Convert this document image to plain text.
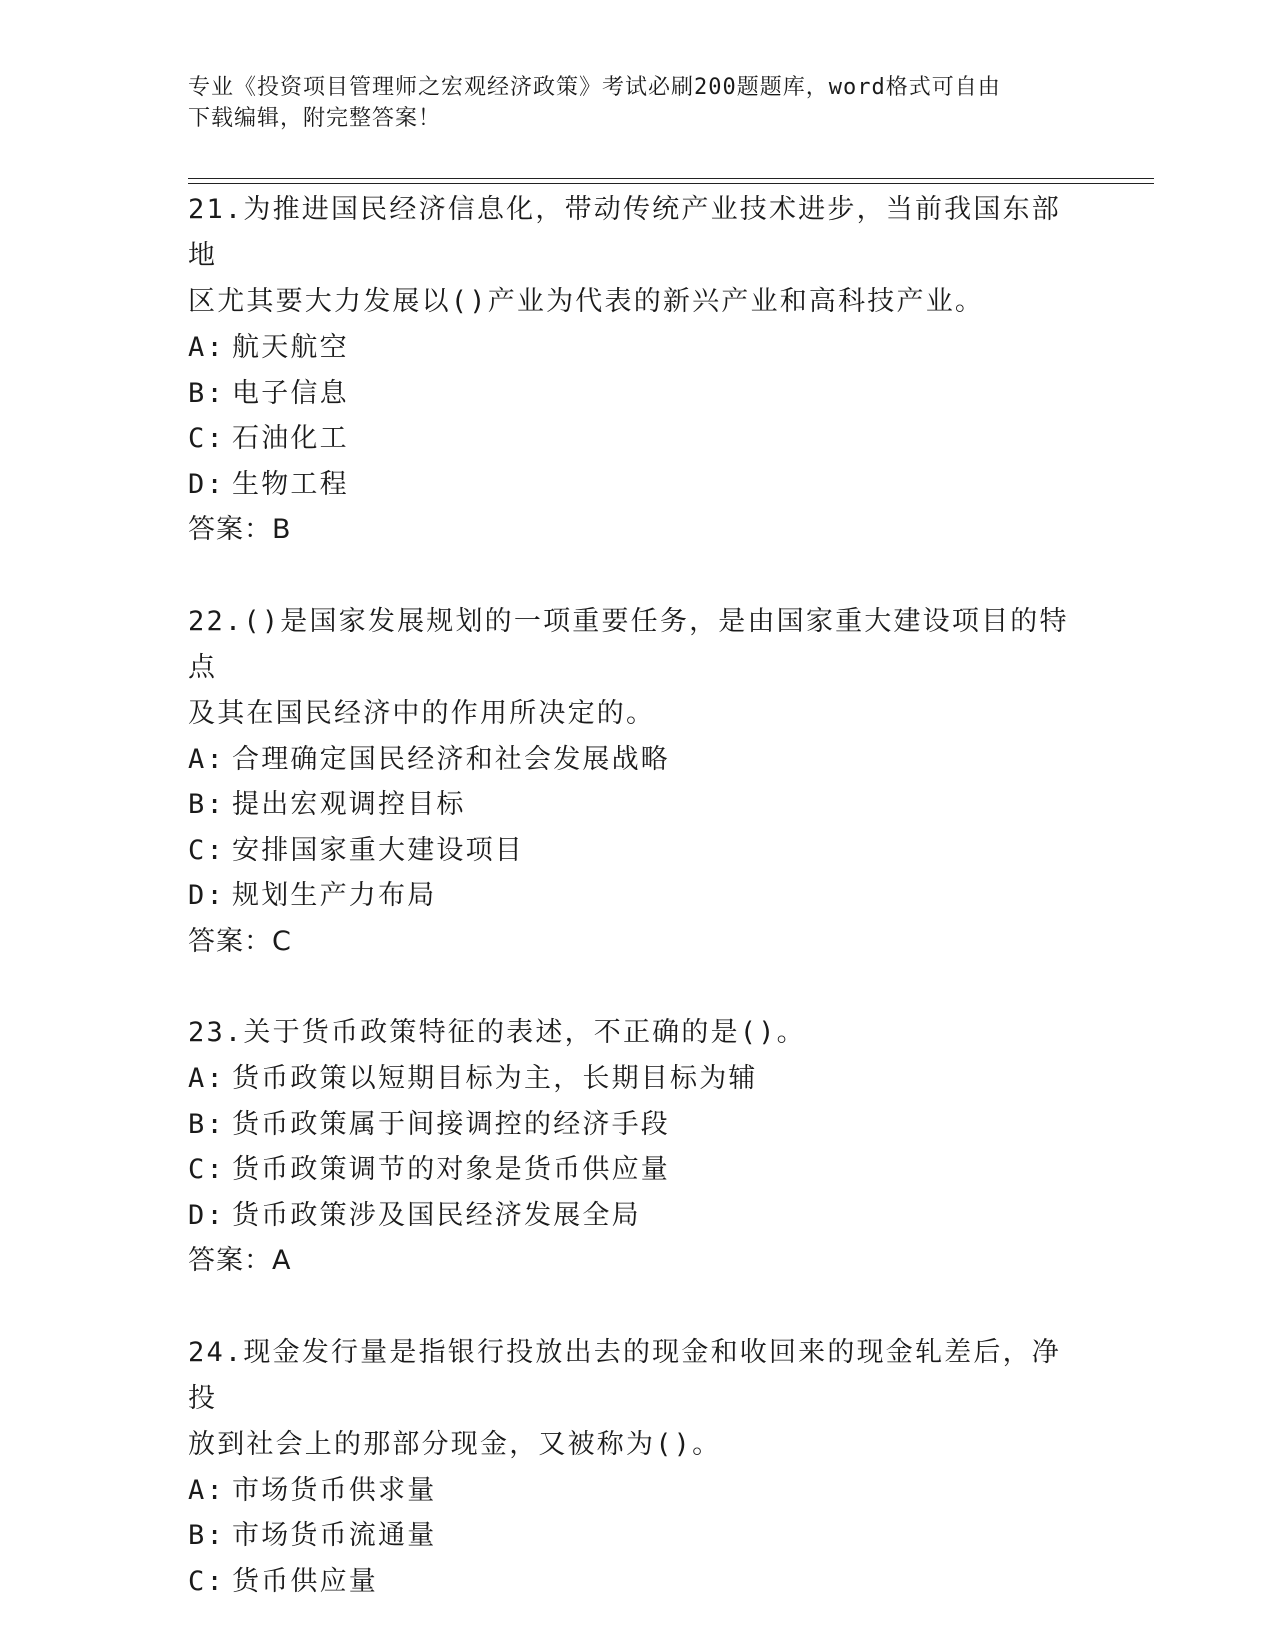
专业《投资项目管理师之宏观经济政策》考试必刷200题题库，word格式可自由
下载编辑，附完整答案！
21.为推进国民经济信息化，带动传统产业技术进步，当前我国东部地
区尤其要大力发展以()产业为代表的新兴产业和高科技产业。
A: 航天航空
B: 电子信息
C: 石油化工
D: 生物工程
答案：B
22.()是国家发展规划的一项重要任务，是由国家重大建设项目的特点
及其在国民经济中的作用所决定的。
A: 合理确定国民经济和社会发展战略
B: 提出宏观调控目标
C: 安排国家重大建设项目
D: 规划生产力布局
答案：C
23.关于货币政策特征的表述，不正确的是()。
A: 货币政策以短期目标为主，长期目标为辅
B: 货币政策属于间接调控的经济手段
C: 货币政策调节的对象是货币供应量
D: 货币政策涉及国民经济发展全局
答案：A
24.现金发行量是指银行投放出去的现金和收回来的现金轧差后，净投
放到社会上的那部分现金，又被称为()。
A: 市场货币供求量
B: 市场货币流通量
C: 货币供应量
